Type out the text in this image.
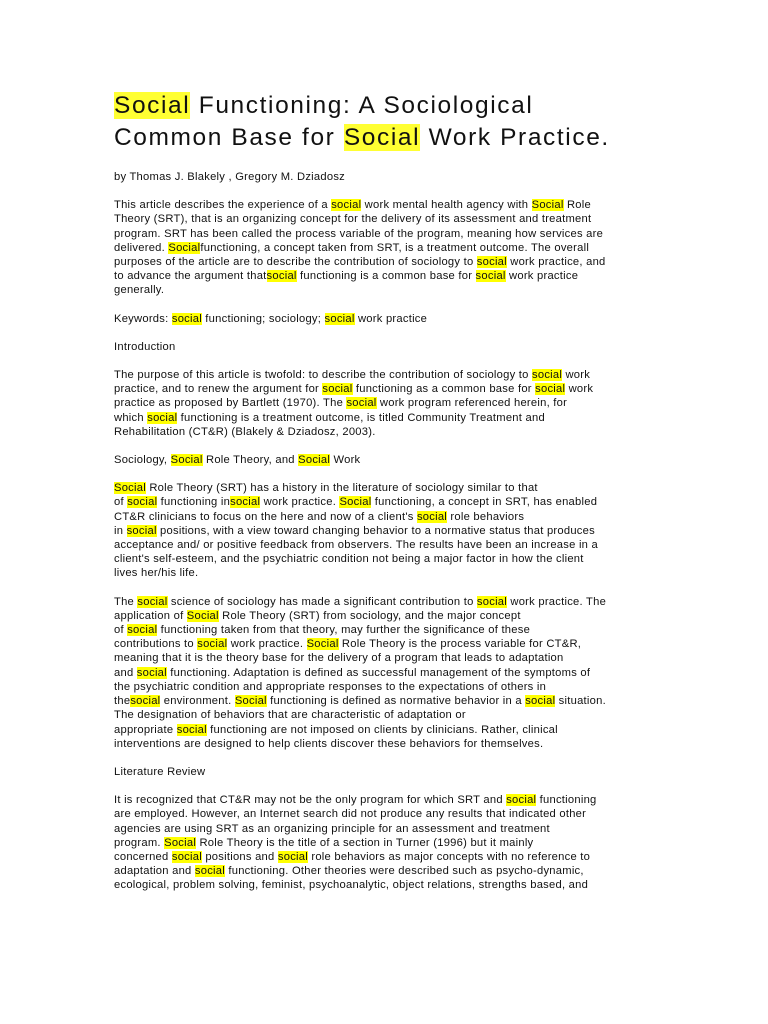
Social Functioning: A Sociological
Common Base for Social Work Practice.

by Thomas J. Blakely , Gregory M. Dziadosz

This article describes the experience of a social work mental health agency with Social Role
Theory (SRT), that is an organizing concept for the delivery of its assessment and treatment
program. SRT has been called the process variable of the program, meaning how services are
delivered. Socialfunctioning, a concept taken from SRT, is a treatment outcome. The overall
purposes of the article are to describe the contribution of sociology to social work practice, and
to advance the argument thatsocial functioning is a common base for social work practice
generally.

Keywords: social functioning; sociology; social work practice

Introduction

The purpose of this article is twofold: to describe the contribution of sociology to social work
practice, and to renew the argument for social functioning as a common base for social work
practice as proposed by Bartlett (1970). The social work program referenced herein, for
which social functioning is a treatment outcome, is titled Community Treatment and
Rehabilitation (CT&R) (Blakely & Dziadosz, 2003).

Sociology, Social Role Theory, and Social Work

Social Role Theory (SRT) has a history in the literature of sociology similar to that
of social functioning insocial work practice. Social functioning, a concept in SRT, has enabled
CT&R clinicians to focus on the here and now of a client's social role behaviors
in social positions, with a view toward changing behavior to a normative status that produces
acceptance and/ or positive feedback from observers. The results have been an increase in a
client's self-esteem, and the psychiatric condition not being a major factor in how the client
lives her/his life.

The social science of sociology has made a significant contribution to social work practice. The
application of Social Role Theory (SRT) from sociology, and the major concept
of social functioning taken from that theory, may further the significance of these
contributions to social work practice. Social Role Theory is the process variable for CT&R,
meaning that it is the theory base for the delivery of a program that leads to adaptation
and social functioning. Adaptation is defined as successful management of the symptoms of
the psychiatric condition and appropriate responses to the expectations of others in
thesocial environment. Social functioning is defined as normative behavior in a social situation.
The designation of behaviors that are characteristic of adaptation or
appropriate social functioning are not imposed on clients by clinicians. Rather, clinical
interventions are designed to help clients discover these behaviors for themselves.

Literature Review

It is recognized that CT&R may not be the only program for which SRT and social functioning
are employed. However, an Internet search did not produce any results that indicated other
agencies are using SRT as an organizing principle for an assessment and treatment
program. Social Role Theory is the title of a section in Turner (1996) but it mainly
concerned social positions and social role behaviors as major concepts with no reference to
adaptation and social functioning. Other theories were described such as psycho-dynamic,
ecological, problem solving, feminist, psychoanalytic, object relations, strengths based, and
